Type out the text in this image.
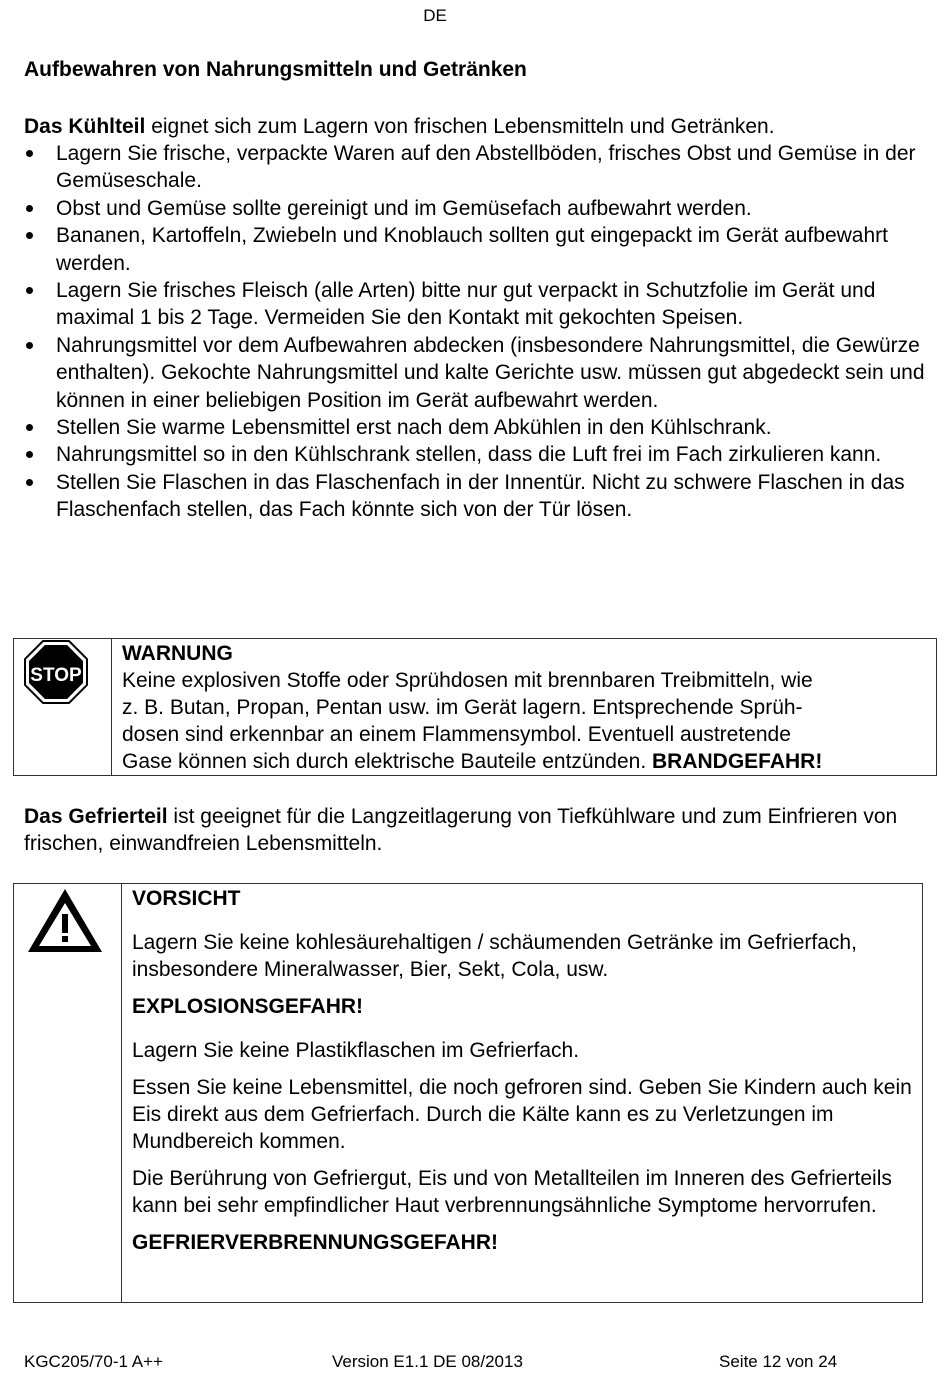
DE
Aufbewahren von Nahrungsmitteln und Getränken
Das Kühlteil eignet sich zum Lagern von frischen Lebensmitteln und Getränken.
Lagern Sie frische, verpackte Waren auf den Abstellböden, frisches Obst und Gemüse in der Gemüseschale.
Obst und Gemüse sollte gereinigt und im Gemüsefach aufbewahrt werden.
Bananen, Kartoffeln, Zwiebeln und Knoblauch sollten gut eingepackt im Gerät aufbewahrt werden.
Lagern Sie frisches Fleisch (alle Arten) bitte nur gut verpackt in Schutzfolie im Gerät und maximal 1 bis 2 Tage. Vermeiden Sie den Kontakt mit gekochten Speisen.
Nahrungsmittel vor dem Aufbewahren abdecken (insbesondere Nahrungsmittel, die Gewürze enthalten). Gekochte Nahrungsmittel und kalte Gerichte usw. müssen gut abgedeckt sein und können in einer beliebigen Position im Gerät aufbewahrt werden.
Stellen Sie warme Lebensmittel erst nach dem Abkühlen in den Kühlschrank.
Nahrungsmittel so in den Kühlschrank stellen, dass die Luft frei im Fach zirkulieren kann.
Stellen Sie Flaschen in das Flaschenfach in der Innentür. Nicht zu schwere Flaschen in das Flaschenfach stellen, das Fach könnte sich von der Tür lösen.
STOP
WARNUNG
Keine explosiven Stoffe oder Sprühdosen mit brennbaren Treibmitteln, wie
z. B. Butan, Propan, Pentan usw. im Gerät lagern. Entsprechende Sprüh-
dosen sind erkennbar an einem Flammensymbol. Eventuell austretende
Gase können sich durch elektrische Bauteile entzünden. BRANDGEFAHR!
Das Gefrierteil ist geeignet für die Langzeitlagerung von Tiefkühlware und zum Einfrieren von frischen, einwandfreien Lebensmitteln.

VORSICHT

Lagern Sie keine kohlesäurehaltigen / schäumenden Getränke im Gefrierfach, insbesondere Mineralwasser, Bier, Sekt, Cola, usw.

EXPLOSIONSGEFAHR!

Lagern Sie keine Plastikflaschen im Gefrierfach.

Essen Sie keine Lebensmittel, die noch gefroren sind. Geben Sie Kindern auch kein Eis direkt aus dem Gefrierfach. Durch die Kälte kann es zu Verletzungen im Mundbereich kommen.

Die Berührung von Gefriergut, Eis und von Metallteilen im Inneren des Gefrierteils kann bei sehr empfindlicher Haut verbrennungsähnliche Symptome hervorrufen.

GEFRIERVERBRENNUNGSGEFAHR!

KGC205/70-1 A++	Version E1.1 DE 08/2013	Seite 12 von 24
